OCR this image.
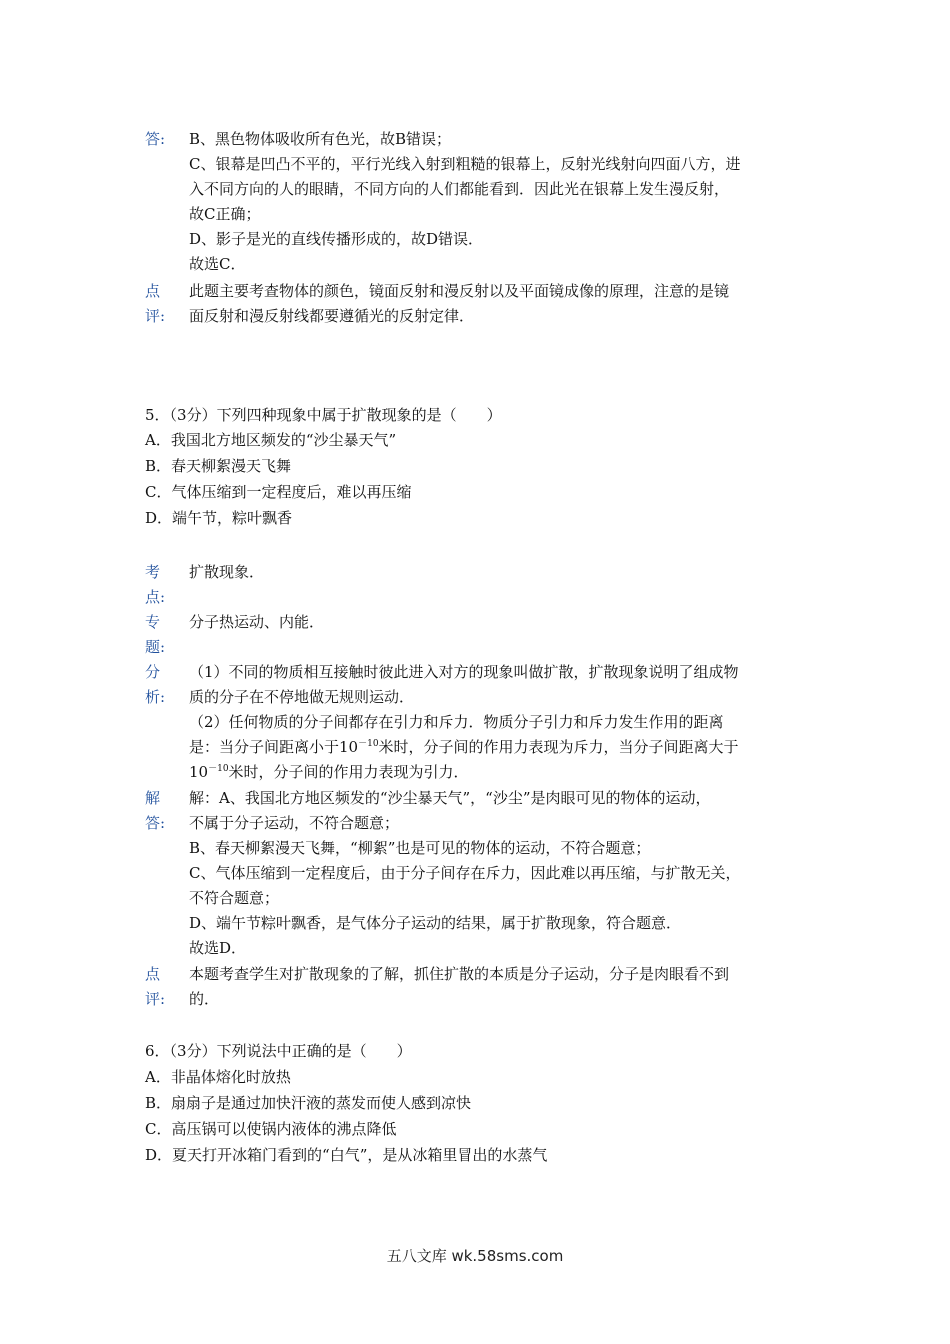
答:	B、黑色物体吸收所有色光，故B错误；
C、银幕是凹凸不平的，平行光线入射到粗糙的银幕上，反射光线射向四面八方，进
入不同方向的人的眼睛，不同方向的人们都能看到．因此光在银幕上发生漫反射，
故C正确；
D、影子是光的直线传播形成的，故D错误．
故选C．
点	此题主要考查物体的颜色，镜面反射和漫反射以及平面镜成像的原理，注意的是镜
评:	面反射和漫反射线都要遵循光的反射定律．
5．（3分）下列四种现象中属于扩散现象的是（　　）
A．我国北方地区频发的“沙尘暴天气”
B．春天柳絮漫天飞舞
C．气体压缩到一定程度后，难以再压缩
D．端午节，粽叶飘香
考	扩散现象．
点:
专	分子热运动、内能．
题:
分	（1）不同的物质相互接触时彼此进入对方的现象叫做扩散，扩散现象说明了组成物
析:	质的分子在不停地做无规则运动．
（2）任何物质的分子间都存在引力和斥力．物质分子引力和斥力发生作用的距离
是：当分子间距离小于$10^{-10}$米时，分子间的作用力表现为斥力，当分子间距离大于
$10^{-10}$米时，分子间的作用力表现为引力．
解	解：A、我国北方地区频发的“沙尘暴天气”，“沙尘”是肉眼可见的物体的运动，
答:	不属于分子运动，不符合题意；
B、春天柳絮漫天飞舞，“柳絮”也是可见的物体的运动，不符合题意；
C、气体压缩到一定程度后，由于分子间存在斥力，因此难以再压缩，与扩散无关，
不符合题意；
D、端午节粽叶飘香，是气体分子运动的结果，属于扩散现象，符合题意．
故选D．
点	本题考查学生对扩散现象的了解，抓住扩散的本质是分子运动，分子是肉眼看不到
评:	的．
6．（3分）下列说法中正确的是（　　）
A．非晶体熔化时放热
B．扇扇子是通过加快汗液的蒸发而使人感到凉快
C．高压锅可以使锅内液体的沸点降低
D．夏天打开冰箱门看到的“白气”，是从冰箱里冒出的水蒸气
五八文库 wk.58sms.com
